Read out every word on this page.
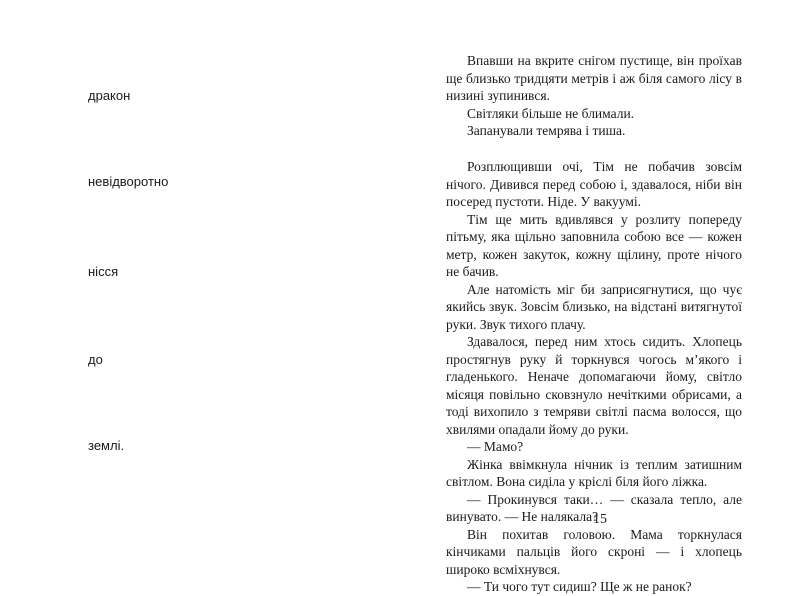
дракон
невідворотно
нісся
до
землі.

Впавши на вкрите снігом пустище, він проїхав ще близько тридцяти метрів і аж біля самого лісу в низині зупинився.

Світляки більше не блимали.

Запанували темрява і тиша.

Розплющивши очі, Тім не побачив зовсім нічого. Дивився перед собою і, здавалося, ніби він посеред пустоти. Ніде. У вакуумі.

Тім ще мить вдивлявся у розлиту попереду пітьму, яка щільно заповнила собою все — кожен метр, кожен закуток, кожну щілину, проте нічого не бачив.

Але натомість міг би заприсягнутися, що чує якийсь звук. Зовсім близько, на відстані витягнутої руки. Звук тихого плачу.

Здавалося, перед ним хтось сидить. Хлопець простягнув руку й торкнувся чогось м’якого і гладенького. Неначе допомагаючи йому, світло місяця повільно сковзнуло нечіткими обрисами, а тоді вихопило з темряви світлі пасма волосся, що хвилями опадали йому до руки.

— Мамо?

Жінка ввімкнула нічник із теплим затишним світлом. Вона сиділа у кріслі біля його ліжка.

— Прокинувся таки… — сказала тепло, але винувато. — Не налякала?

Він похитав головою. Мама торкнулася кінчиками пальців його скроні — і хлопець широко всміхнувся.

— Ти чого тут сидиш? Ще ж не ранок?

15
